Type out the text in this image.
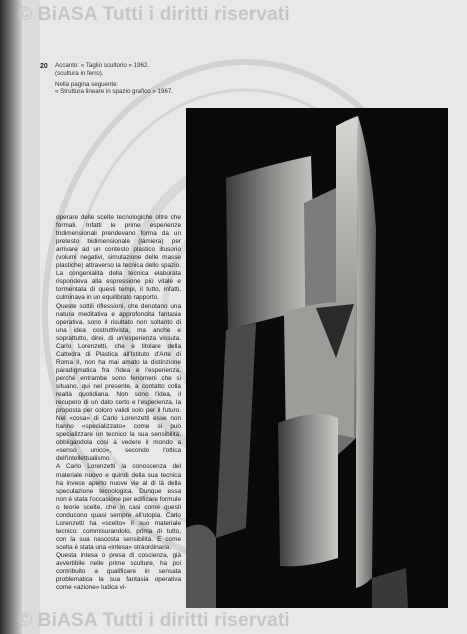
© BiASA Tutti i diritti riservati
20 Accanto: « Taglio scultorio » 1962.
(scultura in ferro).

Nella pagina seguente:
« Struttura lineare in spazio grafico » 1967.

operare delle scelte tecnologiche oltre che formali. Infatti le prime esperienze tridimensionali prendevano forma da un pretesto bidimensionale (lamiera) per arrivare ad un contesto plastico illusorio (volumi negativi, simulazione delle masse plastiche) attraverso la tecnica dello spazio. La congenialità della tecnica elaborata rispondeva alla espressione più vitale e tormentata di questi tempi, il tutto, infatti, culminava in un equilibrato rapporto.

Queste sottili riflessioni, che denotano una natura meditativa e approfondita fantasia operativa, sono il risultato non soltanto di una idea costruttivista, ma anche e soprattutto, direi, di un'esperienza vissuta. Carlo Lorenzetti, che è titolare della Cattedra di Plastica all'Istituto d'Arte di Roma II, non ha mai amato la distinzione paradigmatica fra l'idea e l'esperienza, perché entrambe sono fenomeni che si situano, qui nel presente, a contatto colla realtà quotidiana. Non sono l'idea, il recupero di un dato certo e l'esperienza, la proposta per coloro validi solo per il futuro. Nel «cosa» di Carlo Lorenzetti esse non hanno «specializzato» come si può specializzare un tecnico la sua sensibilità, obbligandola così a vedere il mondo a «senso unico», secondo l'ottica dell'intellettualismo.

A Carlo Lorenzetti la conoscenza del materiale nuovo e quindi della sua tecnica ha invece aperto nuove vie al di là della speculazione tecnologica. Dunque essa non è stata l'occasione per edificare formule o teorie scelte, che in casi come questi conducono quasi sempre all'utopia. Carlo Lorenzetti ha «scelto» il suo materiale tecnico: commisurandolo, prima di tutto, con la sua nascosta sensibilità. E come scelta è stata una «intesa» straordinaria.

Questa intesa o presa di coscienza, già avvertibile nelle prime sculture, ha poi contribuito a qualificare in sensata problematica la sua fantasia operativa come «azione» ludica vi-

© BiASA Tutti i diritti riservati
